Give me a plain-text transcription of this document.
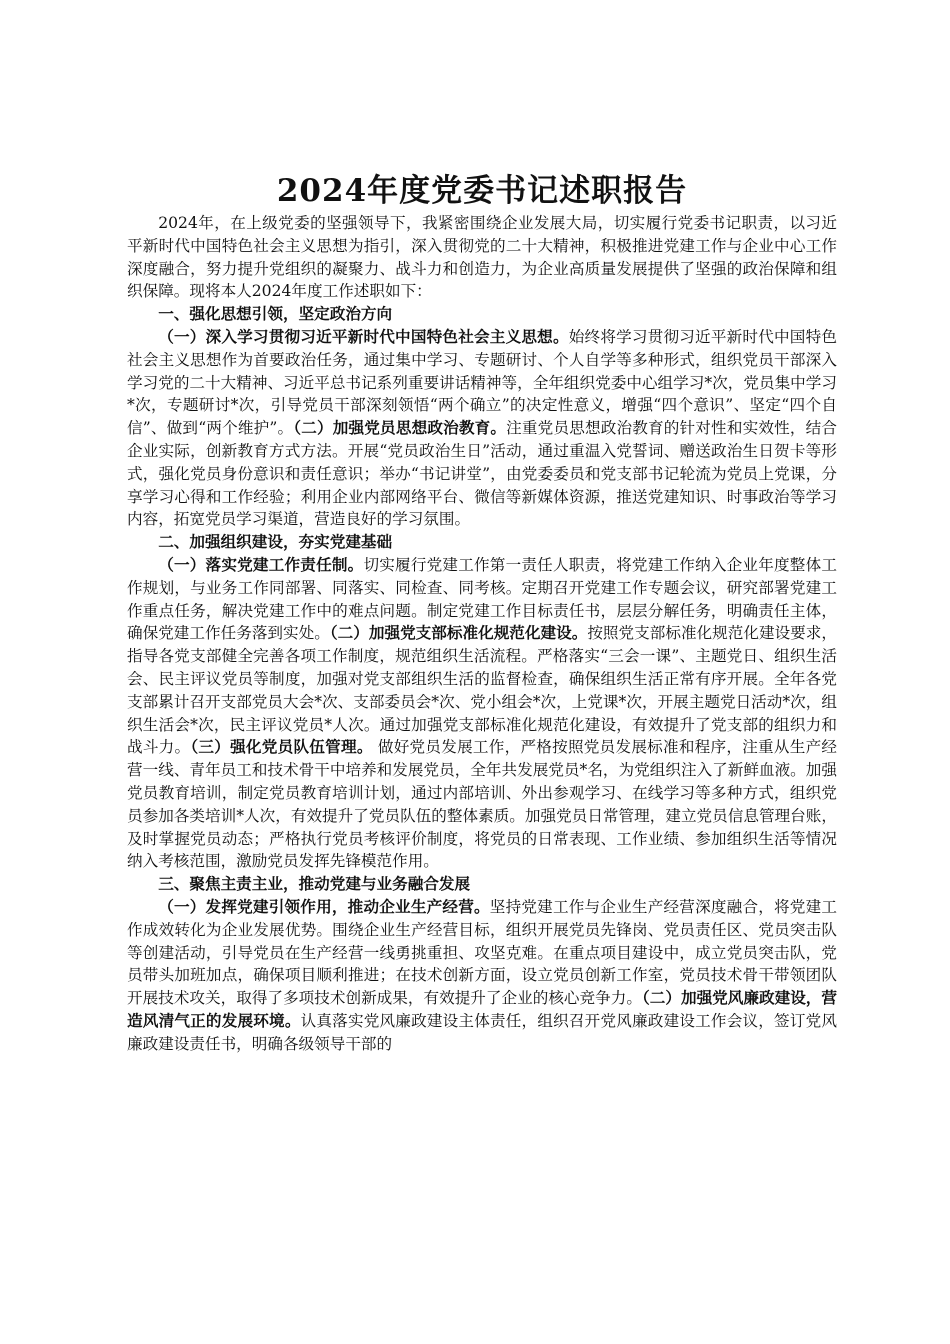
2024年度党委书记述职报告

2024年，在上级党委的坚强领导下，我紧密围绕企业发展大局，切实履行党委书记职责，以习近平新时代中国特色社会主义思想为指引，深入贯彻党的二十大精神，积极推进党建工作与企业中心工作深度融合，努力提升党组织的凝聚力、战斗力和创造力，为企业高质量发展提供了坚强的政治保障和组织保障。现将本人2024年度工作述职如下：

一、强化思想引领，坚定政治方向

（一）深入学习贯彻习近平新时代中国特色社会主义思想。始终将学习贯彻习近平新时代中国特色社会主义思想作为首要政治任务，通过集中学习、专题研讨、个人自学等多种形式，组织党员干部深入学习党的二十大精神、习近平总书记系列重要讲话精神等，全年组织党委中心组学习*次，党员集中学习*次，专题研讨*次，引导党员干部深刻领悟“两个确立”的决定性意义，增强“四个意识”、坚定“四个自信”、做到“两个维护”。（二）加强党员思想政治教育。注重党员思想政治教育的针对性和实效性，结合企业实际，创新教育方式方法。开展“党员政治生日”活动，通过重温入党誓词、赠送政治生日贺卡等形式，强化党员身份意识和责任意识；举办“书记讲堂”，由党委委员和党支部书记轮流为党员上党课，分享学习心得和工作经验；利用企业内部网络平台、微信等新媒体资源，推送党建知识、时事政治等学习内容，拓宽党员学习渠道，营造良好的学习氛围。

二、加强组织建设，夯实党建基础

（一）落实党建工作责任制。切实履行党建工作第一责任人职责，将党建工作纳入企业年度整体工作规划，与业务工作同部署、同落实、同检查、同考核。定期召开党建工作专题会议，研究部署党建工作重点任务，解决党建工作中的难点问题。制定党建工作目标责任书，层层分解任务，明确责任主体，确保党建工作任务落到实处。（二）加强党支部标准化规范化建设。按照党支部标准化规范化建设要求，指导各党支部健全完善各项工作制度，规范组织生活流程。严格落实“三会一课”、主题党日、组织生活会、民主评议党员等制度，加强对党支部组织生活的监督检查，确保组织生活正常有序开展。全年各党支部累计召开支部党员大会*次、支部委员会*次、党小组会*次，上党课*次，开展主题党日活动*次，组织生活会*次，民主评议党员*人次。通过加强党支部标准化规范化建设，有效提升了党支部的组织力和战斗力。（三）强化党员队伍管理。 做好党员发展工作，严格按照党员发展标准和程序，注重从生产经营一线、青年员工和技术骨干中培养和发展党员，全年共发展党员*名，为党组织注入了新鲜血液。加强党员教育培训，制定党员教育培训计划，通过内部培训、外出参观学习、在线学习等多种方式，组织党员参加各类培训*人次，有效提升了党员队伍的整体素质。加强党员日常管理，建立党员信息管理台账，及时掌握党员动态；严格执行党员考核评价制度，将党员的日常表现、工作业绩、参加组织生活等情况纳入考核范围，激励党员发挥先锋模范作用。

三、聚焦主责主业，推动党建与业务融合发展

（一）发挥党建引领作用，推动企业生产经营。坚持党建工作与企业生产经营深度融合，将党建工作成效转化为企业发展优势。围绕企业生产经营目标，组织开展党员先锋岗、党员责任区、党员突击队等创建活动，引导党员在生产经营一线勇挑重担、攻坚克难。在重点项目建设中，成立党员突击队，党员带头加班加点，确保项目顺利推进；在技术创新方面，设立党员创新工作室，党员技术骨干带领团队开展技术攻关，取得了多项技术创新成果，有效提升了企业的核心竞争力。（二）加强党风廉政建设，营造风清气正的发展环境。认真落实党风廉政建设主体责任，组织召开党风廉政建设工作会议，签订党风廉政建设责任书，明确各级领导干部的
